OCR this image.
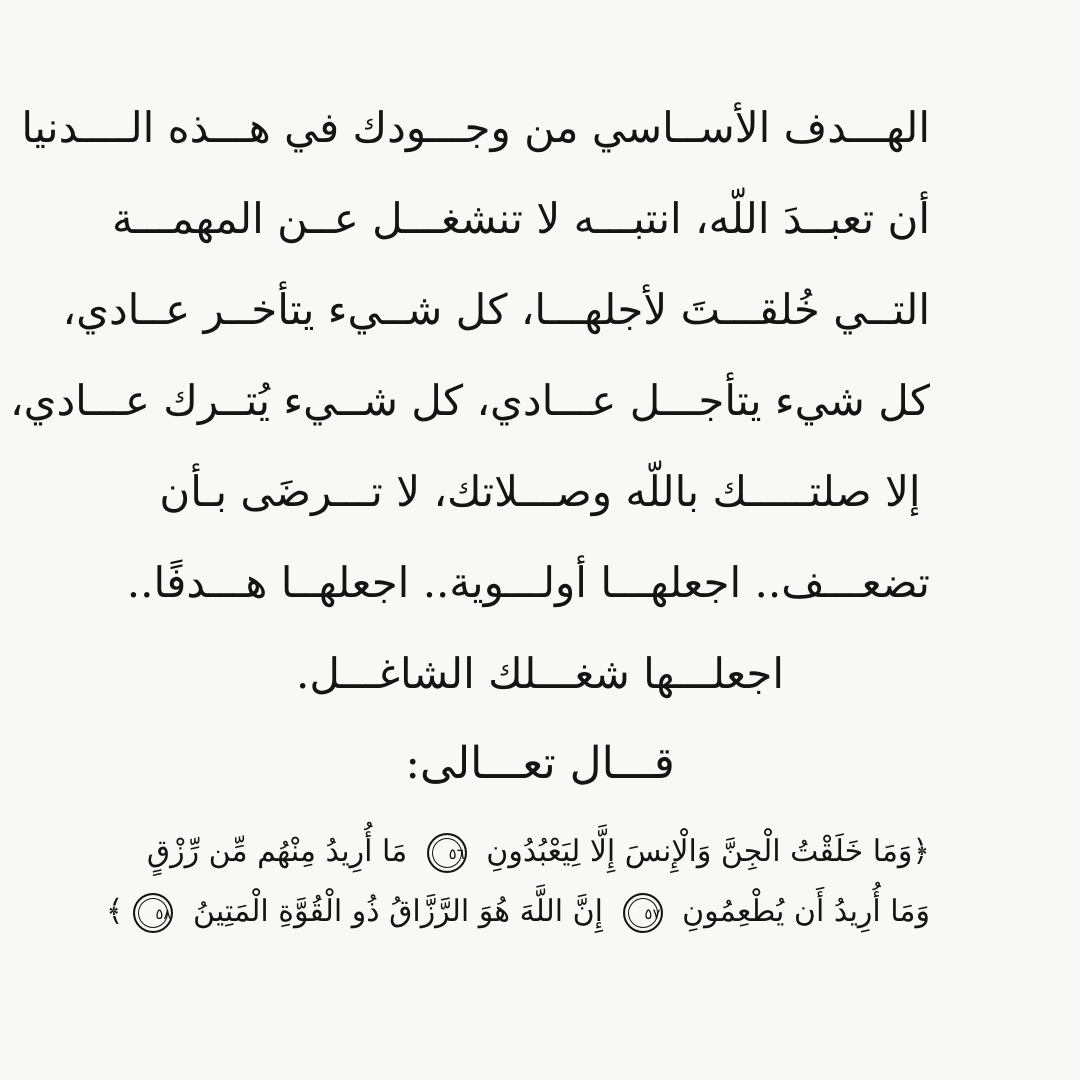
الهـــدف الأســاسي من وجـــودك في هـــذه الــــدنيا
أن تعبــدَ اللّه، انتبـــه لا تنشغـــل عــن المهمـــة
التــي خُلقـــتَ لأجلهـــا، كل شــيء يتأخــر عــادي،
كل شيء يتأجـــل عـــادي، كل شــيء يُتــرك عـــادي،
إلا صلتـــــك باللّه وصـــلاتك، لا تـــرضَى بـأن
تضعـــف.. اجعلهـــا أولـــوية.. اجعلهــا هـــدفًا..
اجعلـــها شغـــلك الشاغـــل.
قـــال تعـــالى:
﴿وَمَا خَلَقْتُ الْجِنَّ وَالْإِنسَ إِلَّا لِيَعْبُدُونِ ٥٦ مَا أُرِيدُ مِنْهُم مِّن رِّزْقٍ
وَمَا أُرِيدُ أَن يُطْعِمُونِ ٥٧ إِنَّ اللَّهَ هُوَ الرَّزَّاقُ ذُو الْقُوَّةِ الْمَتِينُ ٥٨﴾
